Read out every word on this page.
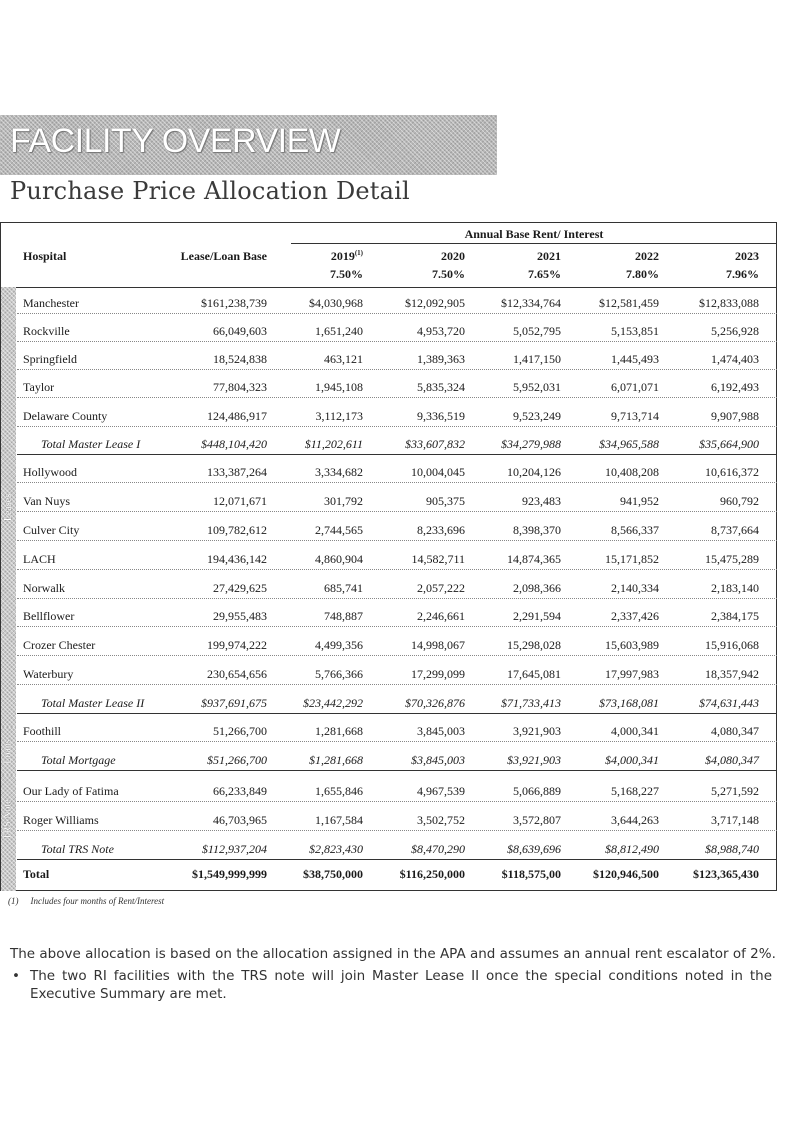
FACILITY OVERVIEW
Purchase Price Allocation Detail
Annual Base Rent/ Interest
Hospital	Lease/Loan Base	2019$^{(1)}$	2020	2021	2022	2023
7.50%	7.50%	7.65%	7.80%	7.96%
Leases
Loans
TRS Note
Manchester	$161,238,739	$4,030,968	$12,092,905	$12,334,764	$12,581,459	$12,833,088
Rockville	66,049,603	1,651,240	4,953,720	5,052,795	5,153,851	5,256,928
Springfield	18,524,838	463,121	1,389,363	1,417,150	1,445,493	1,474,403
Taylor	77,804,323	1,945,108	5,835,324	5,952,031	6,071,071	6,192,493
Delaware County	124,486,917	3,112,173	9,336,519	9,523,249	9,713,714	9,907,988
Total Master Lease I	$448,104,420	$11,202,611	$33,607,832	$34,279,988	$34,965,588	$35,664,900
Hollywood	133,387,264	3,334,682	10,004,045	10,204,126	10,408,208	10,616,372
Van Nuys	12,071,671	301,792	905,375	923,483	941,952	960,792
Culver City	109,782,612	2,744,565	8,233,696	8,398,370	8,566,337	8,737,664
LACH	194,436,142	4,860,904	14,582,711	14,874,365	15,171,852	15,475,289
Norwalk	27,429,625	685,741	2,057,222	2,098,366	2,140,334	2,183,140
Bellflower	29,955,483	748,887	2,246,661	2,291,594	2,337,426	2,384,175
Crozer Chester	199,974,222	4,499,356	14,998,067	15,298,028	15,603,989	15,916,068
Waterbury	230,654,656	5,766,366	17,299,099	17,645,081	17,997,983	18,357,942
Total Master Lease II	$937,691,675	$23,442,292	$70,326,876	$71,733,413	$73,168,081	$74,631,443
Foothill	51,266,700	1,281,668	3,845,003	3,921,903	4,000,341	4,080,347
Total Mortgage	$51,266,700	$1,281,668	$3,845,003	$3,921,903	$4,000,341	$4,080,347
Our Lady of Fatima	66,233,849	1,655,846	4,967,539	5,066,889	5,168,227	5,271,592
Roger Williams	46,703,965	1,167,584	3,502,752	3,572,807	3,644,263	3,717,148
Total TRS Note	$112,937,204	$2,823,430	$8,470,290	$8,639,696	$8,812,490	$8,988,740
Total	$1,549,999,999	$38,750,000	$116,250,000	$118,575,00	$120,946,500	$123,365,430
(1) Includes four months of Rent/Interest
The above allocation is based on the allocation assigned in the APA and assumes an annual rent escalator of 2%.
• The two RI facilities with the TRS note will join Master Lease II once the special conditions noted in the Executive Summary are met.
